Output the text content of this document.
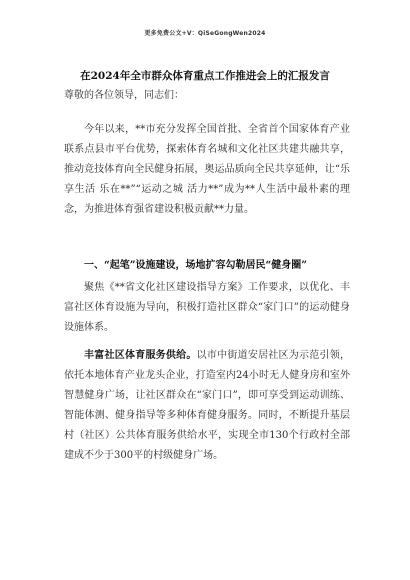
更多免费公文+V：QiSeGongWen2024
在2024年全市群众体育重点工作推进会上的汇报发言
尊敬的各位领导，同志们：
今年以来，**市充分发挥全国首批、全省首个国家体育产业联系点县市平台优势，探索体育名城和文化社区共建共融共享，推动竞技体育向全民健身拓展，奥运品质向全民共享延伸，让“乐享生活 乐在**”“运动之城 活力**”成为**人生活中最朴素的理念，为推进体育强省建设积极贡献**力量。
一、“起笔”设施建设，场地扩容勾勒居民“健身圈”
聚焦《**省文化社区建设指导方案》工作要求，以优化、丰富社区体育设施为导向，积极打造社区群众“家门口”的运动健身设施体系。
丰富社区体育服务供给。以市中街道安居社区为示范引领，依托本地体育产业龙头企业，打造室内24小时无人健身房和室外智慧健身广场，让社区群众在“家门口”，即可享受到运动训练、智能体测、健身指导等多种体育健身服务。同时，不断提升基层村（社区）公共体育服务供给水平，实现全市130个行政村全部建成不少于300平的村级健身广场。
